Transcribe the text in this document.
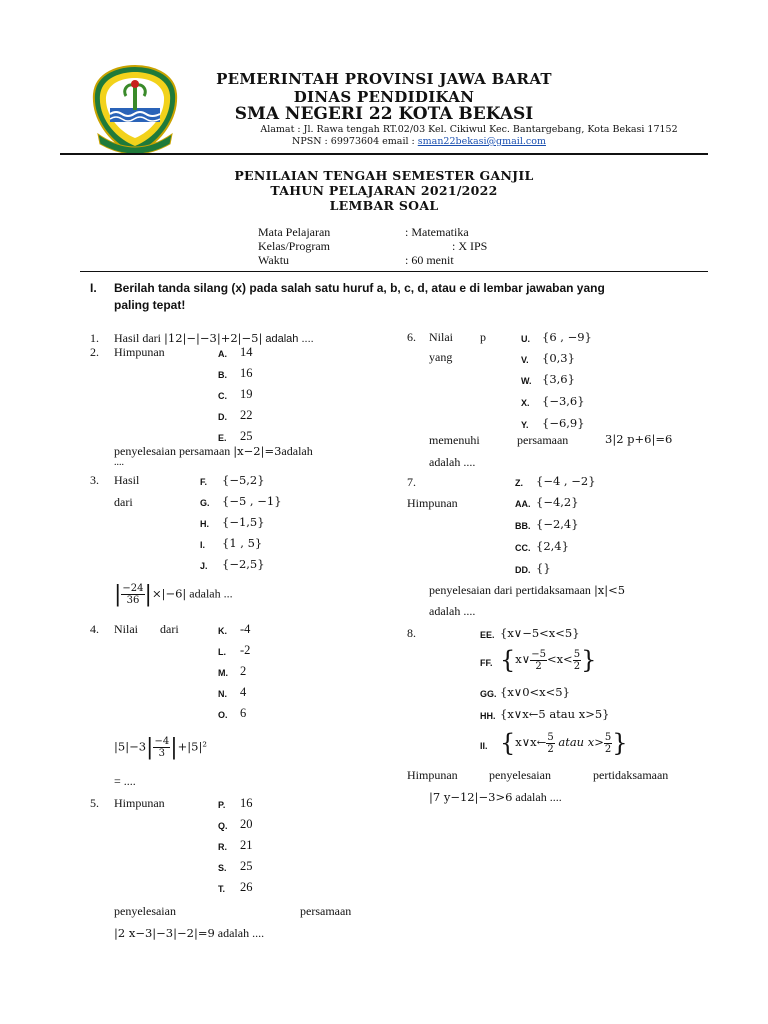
PEMERINTAH PROVINSI JAWA BARAT
DINAS PENDIDIKAN
SMA NEGERI 22 KOTA BEKASI
Alamat : Jl. Rawa tengah RT.02/03 Kel. Cikiwul Kec. Bantargebang, Kota Bekasi 17152
NPSN : 69973604 email : sman22bekasi@gmail.com
PENILAIAN TENGAH SEMESTER GANJIL
TAHUN PELAJARAN 2021/2022
LEMBAR SOAL
Mata Pelajaran	: Matematika
Kelas/Program	: X IPS
Waktu	: 60 menit
I. Berilah tanda silang (x) pada salah satu huruf a, b, c, d, atau e di lembar jawaban yang
paling tepat!
1. Hasil dari |12|−|−3|+2|−5| adalah ....
2. Himpunan	A. 14
B. 16
C. 19
D. 22
E. 25
penyelesaian persamaan |x−2|=3adalah
....
3. Hasil
dari
F. {−5,2}
G. {−5 , −1}
H. {−1,5}
I. {1 , 5}
J. {−2,5}
| $\frac{-24}{36} |\times|-6|$ adalah ...
4. Nilai dari	K. -4
L. -2
M. 2
N. 4
O. 6
$|5|-3| \frac{-4}{3} |+|5|^2$
= ....
5. Himpunan	P. 16
Q. 20
R. 21
S. 25
T. 26
penyelesaian	persamaan
|2 x−3|−3|−2|=9 adalah ....
6. Nilai p
yang
U. {6 , −9}
V. {0,3}
W. {3,6}
X. {−3,6}
Y. {−6,9}
memenuhi	persamaan	3|2 p+6|=6
adalah ....
7.
Himpunan
Z. {−4 , −2}
AA. {−4,2}
BB. {−2,4}
CC. {2,4}
DD. {}
penyelesaian dari pertidaksamaan |x|<5
adalah ....
8.	EE. {x∨−5<x<5}
FF. {x∨ $\frac{-5}{2} <x< \frac{5}{2}$ }
GG. {x∨0<x<5}
HH. {x∨x←5 atau x>5}
II. {x∨x← $\frac{5}{2}$ atau $x> \frac{5}{2}$ }
Himpunan	penyelesaian	pertidaksamaan
|7 y−12|−3>6 adalah ....
